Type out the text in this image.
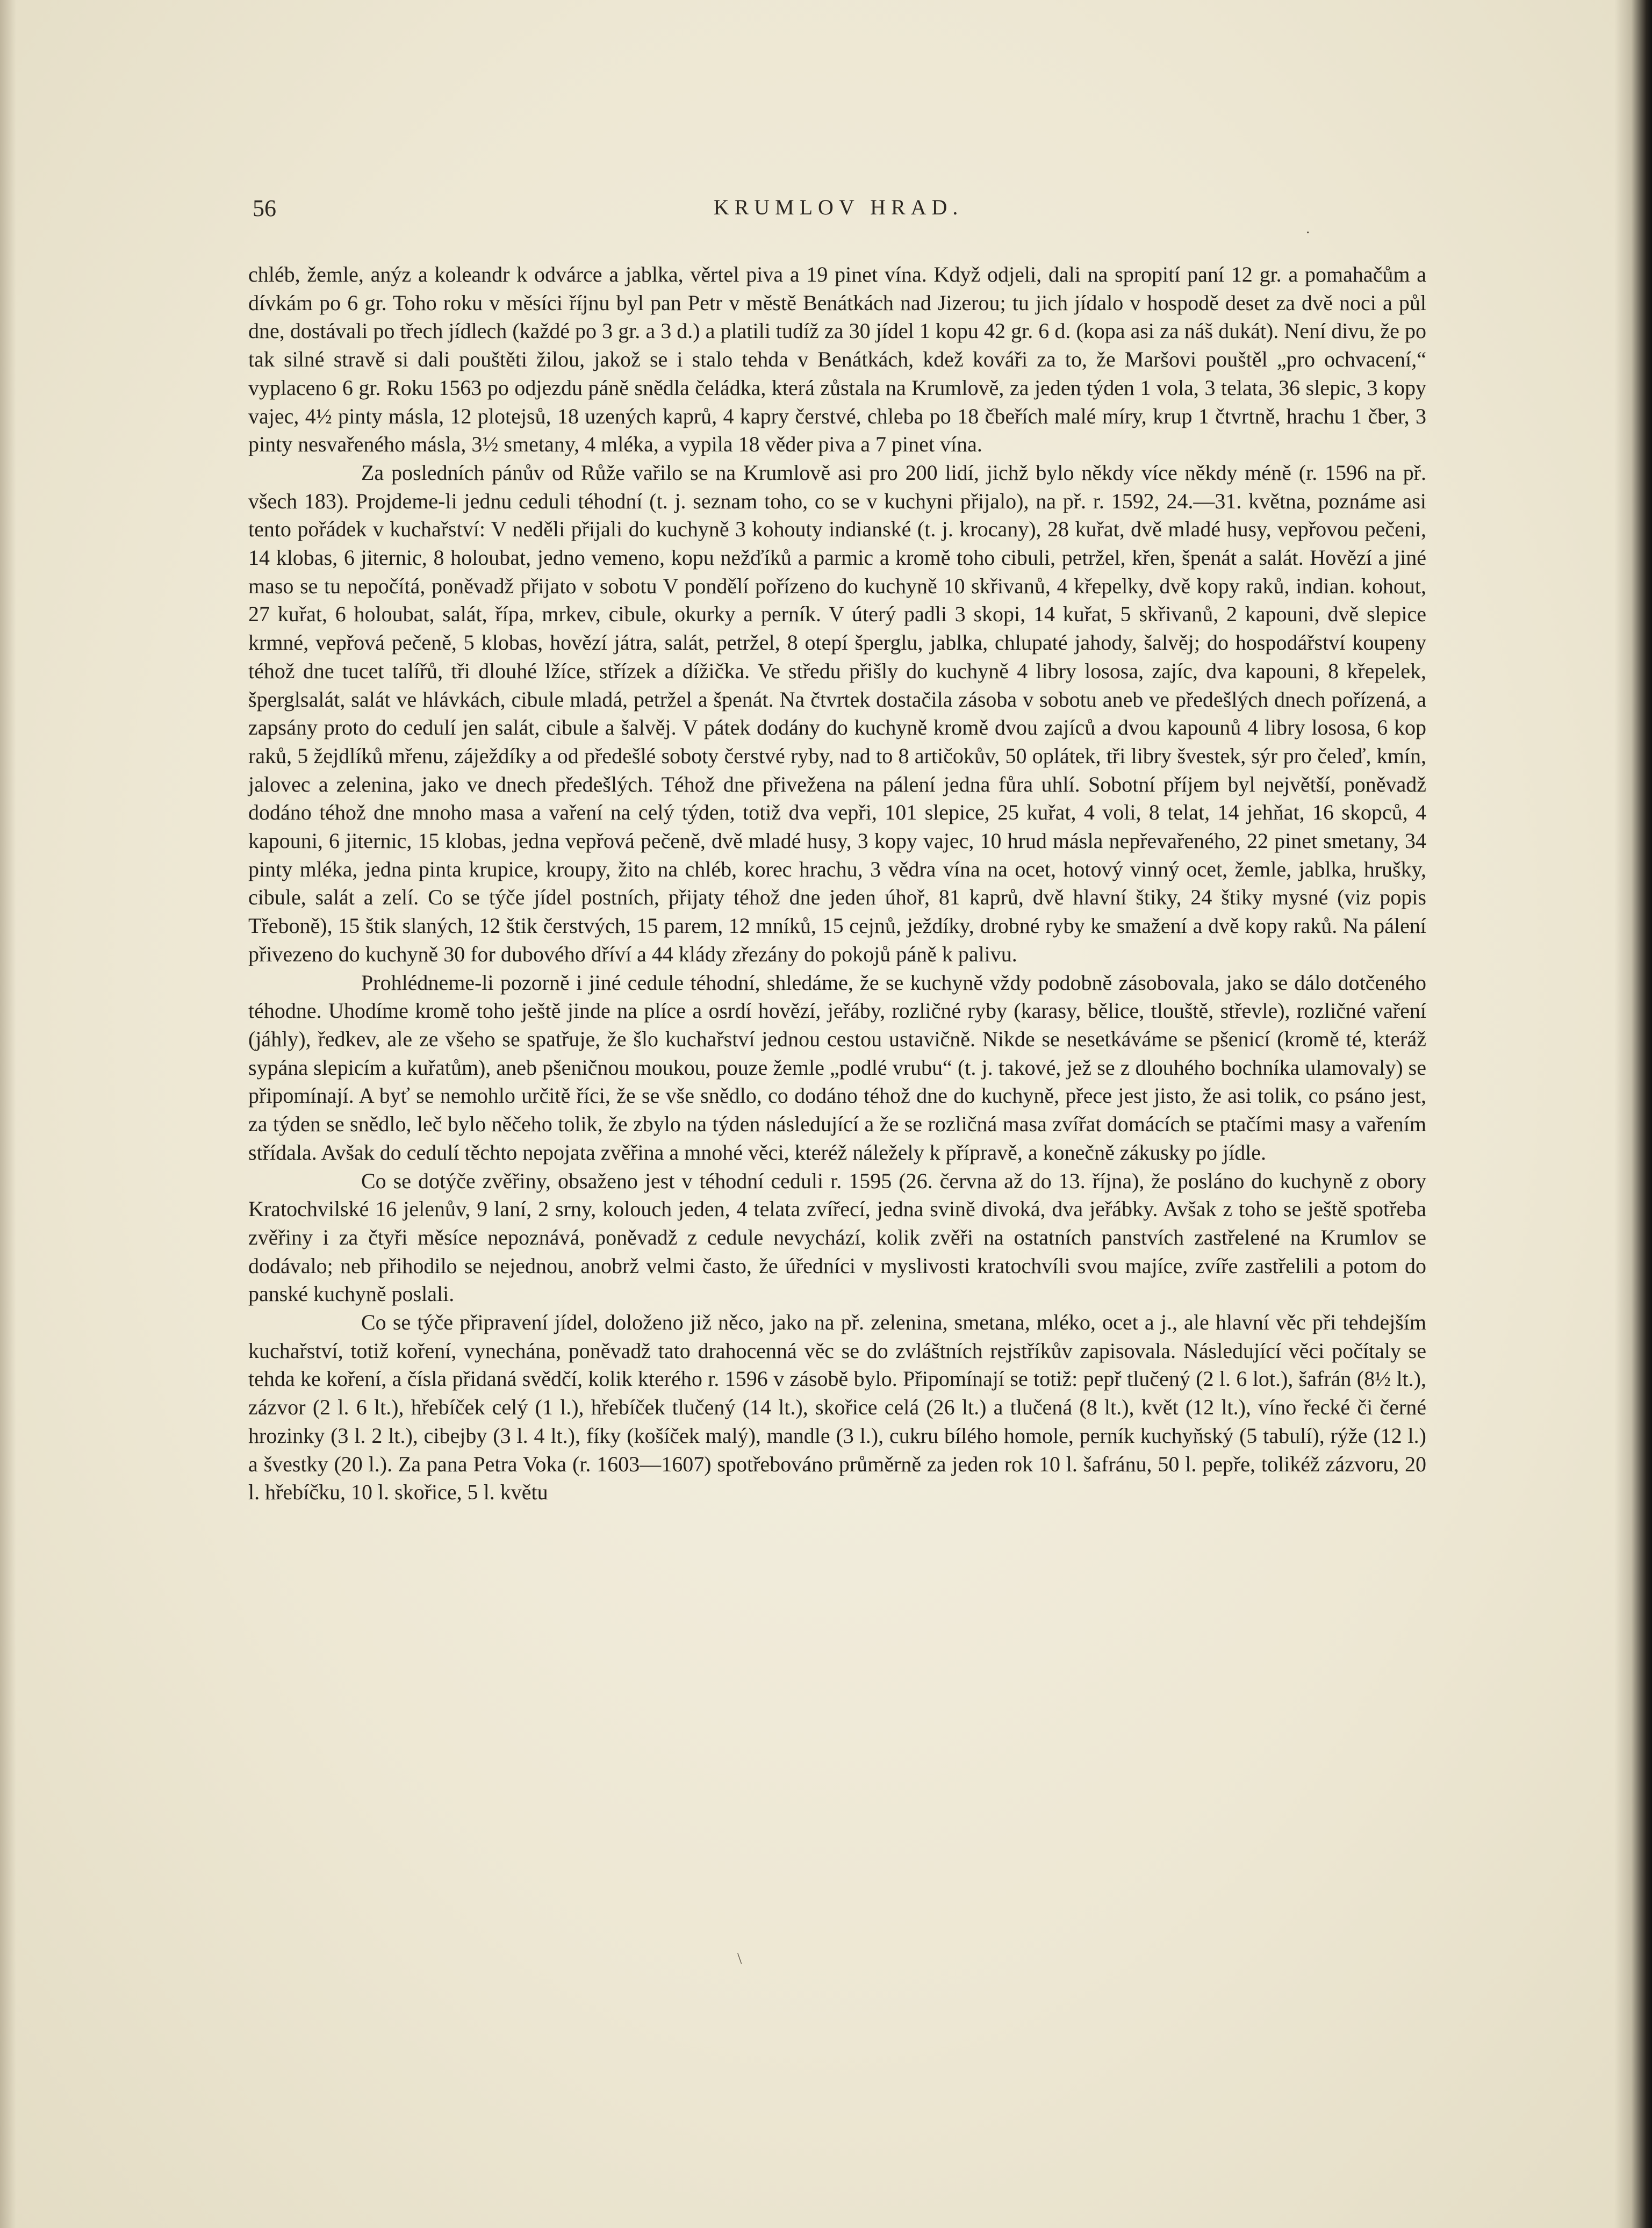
56	KRUMLOV HRAD.

chléb, žemle, anýz a koleandr k odvárce a jablka, věrtel piva a 19 pinet vína. Když odjeli, dali na spropití paní 12 gr. a pomahačům a dívkám po 6 gr. Toho roku v měsíci říjnu byl pan Petr v městě Benátkách nad Jizerou; tu jich jídalo v hospodě deset za dvě noci a půl dne, dostávali po třech jídlech (každé po 3 gr. a 3 d.) a platili tudíž za 30 jídel 1 kopu 42 gr. 6 d. (kopa asi za náš dukát). Není divu, že po tak silné stravě si dali pouštěti žilou, jakož se i stalo tehda v Benátkách, kdež kováři za to, že Maršovi pouštěl „pro ochvacení,“ vyplaceno 6 gr. Roku 1563 po odjezdu páně snědla čeládka, která zůstala na Krumlově, za jeden týden 1 vola, 3 telata, 36 slepic, 3 kopy vajec, 4½ pinty másla, 12 plotejsů, 18 uzených kaprů, 4 kapry čerstvé, chleba po 18 čbeřích malé míry, krup 1 čtvrtně, hrachu 1 čber, 3 pinty nesvařeného másla, 3½ smetany, 4 mléka, a vypila 18 věder piva a 7 pinet vína.

Za posledních pánův od Růže vařilo se na Krumlově asi pro 200 lidí, jichž bylo někdy více někdy méně (r. 1596 na př. všech 183). Projdeme-li jednu ceduli téhodní (t. j. seznam toho, co se v kuchyni přijalo), na př. r. 1592, 24.—31. května, poznáme asi tento pořádek v kuchařství: V neděli přijali do kuchyně 3 kohouty indianské (t. j. krocany), 28 kuřat, dvě mladé husy, vepřovou pečeni, 14 klobas, 6 jiternic, 8 holoubat, jedno vemeno, kopu nežďíků a parmic a kromě toho cibuli, petržel, křen, špenát a salát. Hovězí a jiné maso se tu nepočítá, poněvadž přijato v sobotu V pondělí pořízeno do kuchyně 10 skřivanů, 4 křepelky, dvě kopy raků, indian. kohout, 27 kuřat, 6 holoubat, salát, řípa, mrkev, cibule, okurky a perník. V úterý padli 3 skopi, 14 kuřat, 5 skřivanů, 2 kapouni, dvě slepice krmné, vepřová pečeně, 5 klobas, hovězí játra, salát, petržel, 8 otepí šperglu, jablka, chlupaté jahody, šalvěj; do hospodářství koupeny téhož dne tucet talířů, tři dlouhé lžíce, střízek a dížička. Ve středu přišly do kuchyně 4 libry lososa, zajíc, dva kapouni, 8 křepelek, šperglsalát, salát ve hlávkách, cibule mladá, petržel a špenát. Na čtvrtek dostačila zásoba v sobotu aneb ve předešlých dnech pořízená, a zapsány proto do cedulí jen salát, cibule a šalvěj. V pátek dodány do kuchyně kromě dvou zajíců a dvou kapounů 4 libry lososa, 6 kop raků, 5 žejdlíků mřenu, záježdíky a od předešlé soboty čerstvé ryby, nad to 8 artičokův, 50 oplátek, tři libry švestek, sýr pro čeleď, kmín, jalovec a zelenina, jako ve dnech předešlých. Téhož dne přivežena na pálení jedna fůra uhlí. Sobotní příjem byl největší, poněvadž dodáno téhož dne mnoho masa a vaření na celý týden, totiž dva vepři, 101 slepice, 25 kuřat, 4 voli, 8 telat, 14 jehňat, 16 skopců, 4 kapouni, 6 jiternic, 15 klobas, jedna vepřová pečeně, dvě mladé husy, 3 kopy vajec, 10 hrud másla nepřevařeného, 22 pinet smetany, 34 pinty mléka, jedna pinta krupice, kroupy, žito na chléb, korec hrachu, 3 vědra vína na ocet, hotový vinný ocet, žemle, jablka, hrušky, cibule, salát a zelí. Co se týče jídel postních, přijaty téhož dne jeden úhoř, 81 kaprů, dvě hlavní štiky, 24 štiky mysné (viz popis Třeboně), 15 štik slaných, 12 štik čerstvých, 15 parem, 12 mníků, 15 cejnů, ježdíky, drobné ryby ke smažení a dvě kopy raků. Na pálení přivezeno do kuchyně 30 for dubového dříví a 44 klády zřezány do pokojů páně k palivu.

Prohlédneme-li pozorně i jiné cedule téhodní, shledáme, že se kuchyně vždy podobně zásobovala, jako se dálo dotčeného téhodne. Uhodíme kromě toho ještě jinde na plíce a osrdí hovězí, jeřáby, rozličné ryby (karasy, bělice, tlouště, střevle), rozličné vaření (jáhly), ředkev, ale ze všeho se spatřuje, že šlo kuchařství jednou cestou ustavičně. Nikde se nesetkáváme se pšenicí (kromě té, kteráž sypána slepicím a kuřatům), aneb pšeničnou moukou, pouze žemle „podlé vrubu“ (t. j. takové, jež se z dlouhého bochníka ulamovaly) se připomínají. A byť se nemohlo určitě říci, že se vše snědlo, co dodáno téhož dne do kuchyně, přece jest jisto, že asi tolik, co psáno jest, za týden se snědlo, leč bylo něčeho tolik, že zbylo na týden následující a že se rozličná masa zvířat domácích se ptačími masy a vařením střídala. Avšak do cedulí těchto nepojata zvěřina a mnohé věci, kteréž náležely k přípravě, a konečně zákusky po jídle.

Co se dotýče zvěřiny, obsaženo jest v téhodní ceduli r. 1595 (26. června až do 13. října), že posláno do kuchyně z obory Kratochvilské 16 jelenův, 9 laní, 2 srny, kolouch jeden, 4 telata zvířecí, jedna svině divoká, dva jeřábky. Avšak z toho se ještě spotřeba zvěřiny i za čtyři měsíce nepoznává, poněvadž z cedule nevychází, kolik zvěři na ostatních panstvích zastřelené na Krumlov se dodávalo; neb přihodilo se nejednou, anobrž velmi často, že úředníci v myslivosti kratochvíli svou majíce, zvíře zastřelili a potom do panské kuchyně poslali.

Co se týče připravení jídel, doloženo již něco, jako na př. zelenina, smetana, mléko, ocet a j., ale hlavní věc při tehdejším kuchařství, totiž koření, vynechána, poněvadž tato drahocenná věc se do zvláštních rejstříkův zapisovala. Následující věci počítaly se tehda ke koření, a čísla přidaná svědčí, kolik kterého r. 1596 v zásobě bylo. Připomínají se totiž: pepř tlučený (2 l. 6 lot.), šafrán (8½ lt.), zázvor (2 l. 6 lt.), hřebíček celý (1 l.), hřebíček tlučený (14 lt.), skořice celá (26 lt.) a tlučená (8 lt.), květ (12 lt.), víno řecké či černé hrozinky (3 l. 2 lt.), cibejby (3 l. 4 lt.), fíky (košíček malý), mandle (3 l.), cukru bílého homole, perník kuchyňský (5 tabulí), rýže (12 l.) a švestky (20 l.). Za pana Petra Voka (r. 1603—1607) spotřebováno průměrně za jeden rok 10 l. šafránu, 50 l. pepře, tolikéž zázvoru, 20 l. hřebíčku, 10 l. skořice, 5 l. květu

.
\
